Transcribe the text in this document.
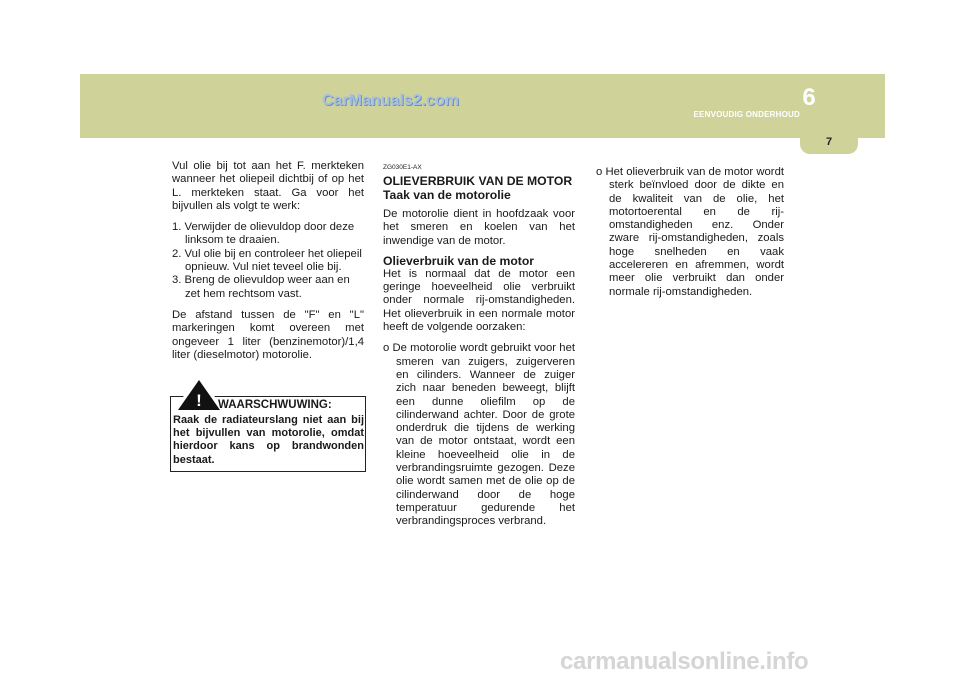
7
6
EENVOUDIG ONDERHOUD
CarManuals2.com

Vul olie bij tot aan het F. merkteken wanneer het oliepeil dichtbij of op het L. merkteken staat. Ga voor het bijvullen als volgt te werk:

1. Verwijder de olievuldop door deze linksom te draaien.

2. Vul olie bij en controleer het oliepeil opnieuw. Vul niet teveel olie bij.

3. Breng de olievuldop weer aan en zet hem rechtsom vast.

De afstand tussen de "F" en "L" markeringen komt overeen met ongeveer 1 liter (benzinemotor)/1,4 liter (dieselmotor) motorolie.

!	WAARSCHWUWING:
Raak de radiateurslang niet aan bij het bijvullen van motorolie, omdat hierdoor kans op brandwonden bestaat.

ZG030E1-AX

OLIEVERBRUIK VAN DE MOTOR

Taak van de motorolie

De motorolie dient in hoofdzaak voor het smeren en koelen van het inwendige van de motor.

Olieverbruik van de motor

Het is normaal dat de motor een geringe hoeveelheid olie verbruikt onder normale rij-omstandigheden. Het olieverbruik in een normale motor heeft de volgende oorzaken:

o De motorolie wordt gebruikt voor het smeren van zuigers, zuigerveren en cilinders. Wanneer de zuiger zich naar beneden beweegt, blijft een dunne oliefilm op de cilinderwand achter. Door de grote onderdruk die tijdens de werking van de motor ontstaat, wordt een kleine hoeveelheid olie in de verbrandingsruimte gezogen. Deze olie wordt samen met de olie op de cilinderwand door de hoge temperatuur gedurende het verbrandingsproces verbrand.

o Het olieverbruik van de motor wordt sterk beïnvloed door de dikte en de kwaliteit van de olie, het motortoerental en de rij-omstandigheden enz. Onder zware rij-omstandigheden, zoals hoge snelheden en vaak accelereren en afremmen, wordt meer olie verbruikt dan onder normale rij-omstandigheden.

carmanualsonline.info
